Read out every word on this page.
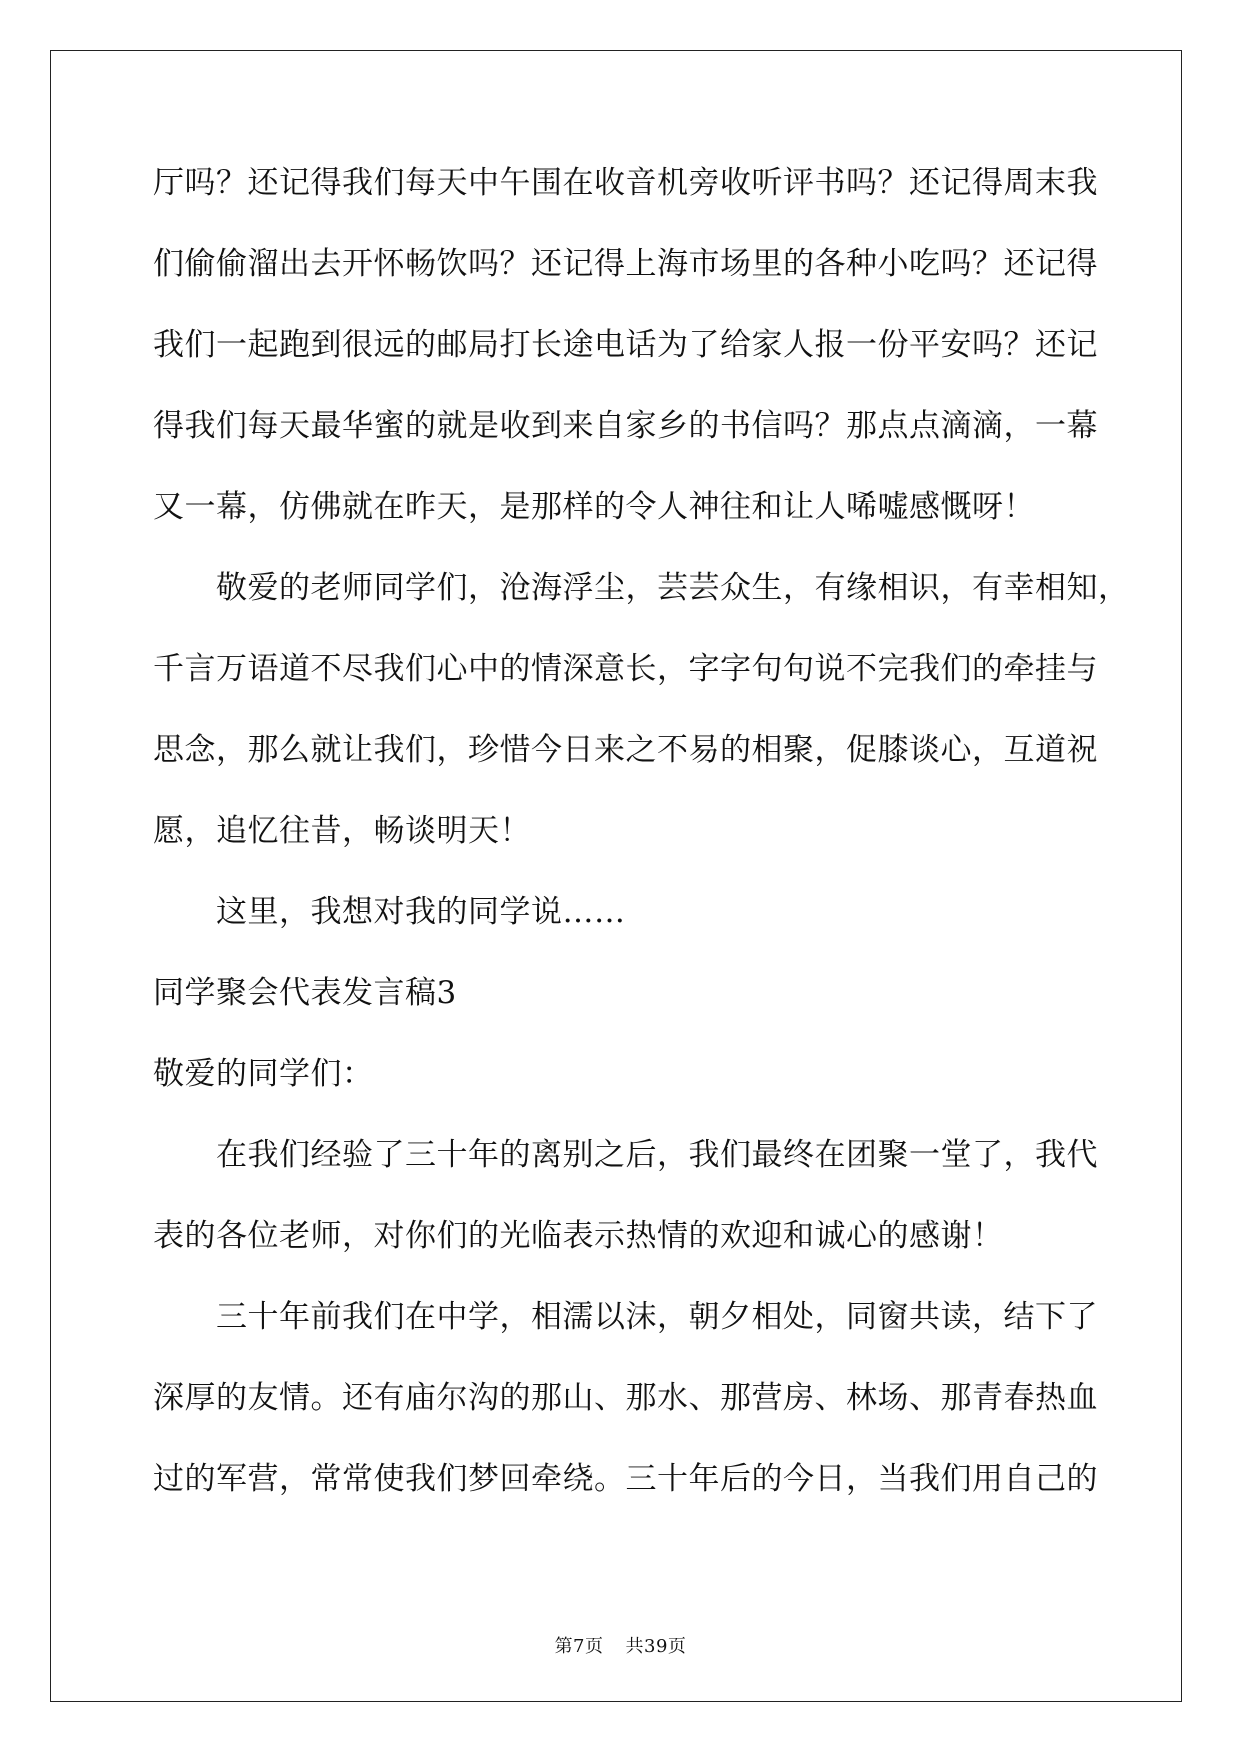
厅吗？还记得我们每天中午围在收音机旁收听评书吗？还记得周末我
们偷偷溜出去开怀畅饮吗？还记得上海市场里的各种小吃吗？还记得
我们一起跑到很远的邮局打长途电话为了给家人报一份平安吗？还记
得我们每天最华蜜的就是收到来自家乡的书信吗？那点点滴滴，一幕
又一幕，仿佛就在昨天，是那样的令人神往和让人唏嘘感慨呀！
敬爱的老师同学们，沧海浮尘，芸芸众生，有缘相识，有幸相知，
千言万语道不尽我们心中的情深意长，字字句句说不完我们的牵挂与
思念，那么就让我们，珍惜今日来之不易的相聚，促膝谈心，互道祝
愿，追忆往昔，畅谈明天！
这里，我想对我的同学说……
同学聚会代表发言稿3
敬爱的同学们：
在我们经验了三十年的离别之后，我们最终在团聚一堂了，我代
表的各位老师，对你们的光临表示热情的欢迎和诚心的感谢！
三十年前我们在中学，相濡以沫，朝夕相处，同窗共读，结下了
深厚的友情。还有庙尔沟的那山、那水、那营房、林场、那青春热血
过的军营，常常使我们梦回牵绕。三十年后的今日，当我们用自己的
第7页 共39页
